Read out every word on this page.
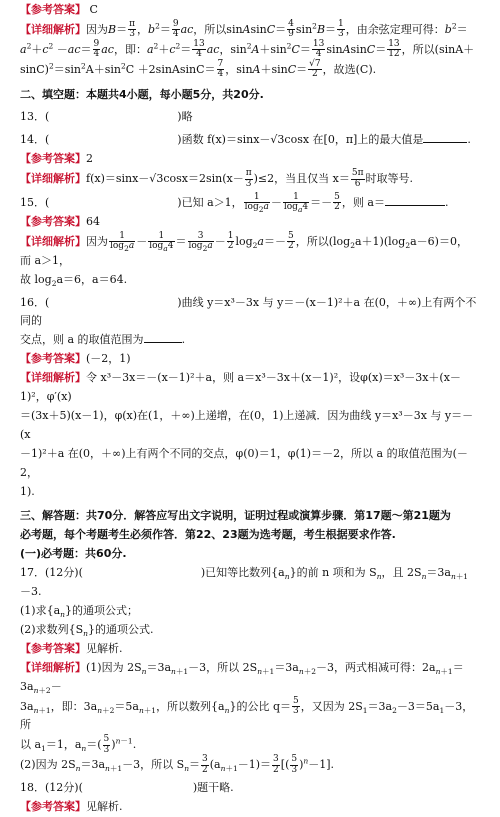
【参考答案】 C

【详细解析】因为$B= \frac{\pi}{3}$ ，$b^2= \frac{9}{4}$ ac，所以sinAsinC＝ $\frac{4}{9} \sin^2B= \frac{1}{3}$ ，由余弦定理可得：$b^2=a^2+c^2 -ac= \frac{9}{4}$ ac，即：$a^2+c^2= \frac{13}{4}$ ac，$\sin^2A+\sin^2C= \frac{13}{4}$ sinAsinC＝ $\frac{13}{12}$ ，所以$(\sin A+\sin C)^2=\sin^2A+\sin^2C$ ＋2sinAsinC＝ $\frac{7}{4}$ ，$\sin A+\sin C= \frac{√7}{2}$ ，故选(C).

二、填空题：本题共4小题，每小题5分，共20分.

13．(	)略

14．(	)函数 f(x)＝sinx－√3cosx 在[0，π]上的最大值是	.

【参考答案】2

【详细解析】$f(x)=\sin x-√3\cos x=2\sin(x- \frac{\pi}{3} )\le 2$，当且仅当 $x= \frac{5\pi}{6}$ 时取等号.

15．(	)已知 a＞1， $\frac{1}{\log_2a} - \frac{1}{\log_a4} =- \frac{5}{2}$ ，则 a＝	.

【参考答案】64

【详细解析】因为 $\frac{1}{\log_2a} - \frac{1}{\log_a4} = \frac{3}{\log_2a} - \frac{1}{2} \log_2a=- \frac{5}{2}$ ，所以$(\log_2a+1)(\log_2a-6)=0$，而 a＞1，
故 $\log_2a=6$，a＝64.

16．(	)曲线 y＝x³－3x 与 y＝－(x－1)²＋a 在(0，＋∞)上有两个不同的
交点，则 a 的取值范围为	.

【参考答案】(－2，1)

【详细解析】令 x³－3x＝－(x－1)²＋a，则 a＝x³－3x＋(x－1)²，设φ(x)＝x³－3x＋(x－1)²，φ′(x)
＝(3x＋5)(x－1)，φ(x)在(1，＋∞)上递增，在(0，1)上递减．因为曲线 y＝x³－3x 与 y＝－(x
－1)²＋a 在(0，＋∞)上有两个不同的交点，φ(0)＝1，φ(1)＝－2，所以 a 的取值范围为(－2，
1).

三、解答题：共70分．解答应写出文字说明，证明过程或演算步骤．第17题～第21题为
必考题，每个考题考生必须作答．第22、23题为选考题，考生根据要求作答.

(一)必考题：共60分.

17．(12分)(	)已知等比数列$\{a_n\}$的前 n 项和为 $S_n$，且 $2S_n=3a_{n+1}-3$.
(1)求$\{a_n\}$的通项公式；
(2)求数列$\{S_n\}$的通项公式.

【参考答案】见解析.

【详细解析】(1)因为 $2S_n=3a_{n+1}-3$，所以 $2S_{n+1}=3a_{n+2}-3$，两式相减可得：$2a_{n+1}=3a_{n+2}-$
$3a_{n+1}$，即：$3a_{n+2}=5a_{n+1}$，所以数列$\{a_n\}$的公比 $q= \frac{5}{3}$ ，又因为 $2S_1=3a_2-3=5a_1-3$，所
以 $a_1=1$，$a_n=( \frac{5}{3} )^{n-1}$.
(2)因为 $2S_n=3a_{n+1}-3$，所以 $S_n= \frac{3}{2} (a_{n+1}-1)= \frac{3}{2}$ [( $\frac{5}{3} )^n-1$].

18．(12分)(	)题干略.

【参考答案】见解析.
